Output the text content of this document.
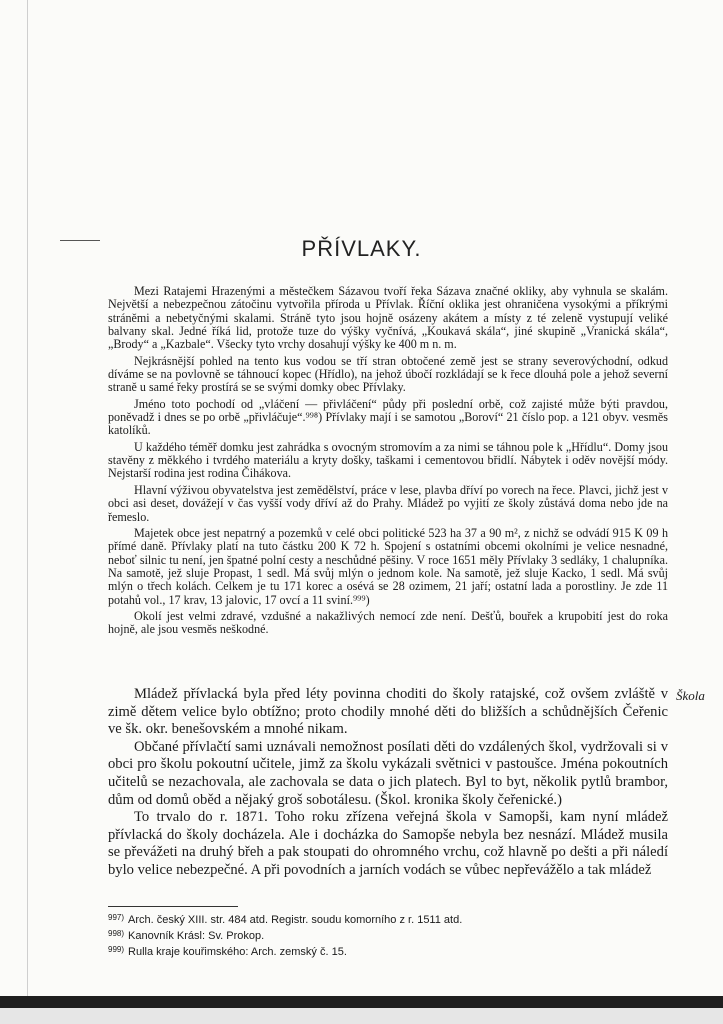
PŘÍVLAKY.

Mezi Ratajemi Hrazenými a městečkem Sázavou tvoří řeka Sázava značné okliky, aby vyhnula se skalám. Největší a nebezpečnou zátočinu vytvořila příroda u Přívlak. Říční oklika jest ohraničena vysokými a příkrými stráněmi a nebetyčnými skalami. Stráně tyto jsou hojně osázeny akátem a místy z té zeleně vystupují veliké balvany skal. Jedné říká lid, protože tuze do výšky vyčnívá, „Koukavá skála“, jiné skupině „Vranická skála“, „Brody“ a „Kazbale“. Všecky tyto vrchy dosahují výšky ke 400 m n. m.

Nejkrásnější pohled na tento kus vodou se tří stran obtočené země jest se strany severovýchodní, odkud díváme se na povlovně se táhnoucí kopec (Hřídlo), na jehož úbočí rozkládají se k řece dlouhá pole a jehož severní straně u samé řeky prostírá se se svými domky obec Přívlaky.

Jméno toto pochodí od „vláčení — přivláčení“ půdy při poslední orbě, což zajisté může býti pravdou, poněvadž i dnes se po orbě „přivláčuje“.⁹⁹⁸) Přívlaky mají i se samotou „Boroví“ 21 číslo pop. a 121 obyv. vesměs katolíků.

U každého téměř domku jest zahrádka s ovocným stromovím a za nimi se táhnou pole k „Hřídlu“. Domy jsou stavěny z měkkého i tvrdého materiálu a kryty došky, taškami i cementovou břidlí. Nábytek i oděv novější módy. Nejstarší rodina jest rodina Čihákova.

Hlavní výživou obyvatelstva jest zemědělství, práce v lese, plavba dříví po vorech na řece. Plavci, jichž jest v obci asi deset, dovážejí v čas vyšší vody dříví až do Prahy. Mládež po vyjití ze školy zůstává doma nebo jde na řemeslo.

Majetek obce jest nepatrný a pozemků v celé obci politické 523 ha 37 a 90 m², z nichž se odvádí 915 K 09 h přímé daně. Přívlaky platí na tuto částku 200 K 72 h. Spojení s ostatními obcemi okolními je velice nesnadné, neboť silnic tu není, jen špatné polní cesty a neschůdné pěšiny. V roce 1651 měly Přívlaky 3 sedláky, 1 chalupníka. Na samotě, jež sluje Propast, 1 sedl. Má svůj mlýn o jednom kole. Na samotě, jež sluje Kacko, 1 sedl. Má svůj mlýn o třech kolách. Celkem je tu 171 korec a osévá se 28 ozimem, 21 jaří; ostatní lada a porostliny. Je zde 11 potahů vol., 17 krav, 13 jalovic, 17 ovcí a 11 sviní.⁹⁹⁹)

Okolí jest velmi zdravé, vzdušné a nakažlivých nemocí zde není. Dešťů, bouřek a krupobití jest do roka hojně, ale jsou vesměs neškodné.

Škola

Mládež přívlacká byla před léty povinna choditi do školy ratajské, což ovšem zvláště v zimě dětem velice bylo obtížno; proto chodily mnohé děti do bližších a schůdnějších Čeřenic ve šk. okr. benešovském a mnohé nikam.

Občané přívlačtí sami uznávali nemožnost posílati děti do vzdálených škol, vydržovali si v obci pro školu pokoutní učitele, jimž za školu vykázali světnici v pastoušce. Jména pokoutních učitelů se nezachovala, ale zachovala se data o jich platech. Byl to byt, několik pytlů brambor, dům od domů oběd a nějaký groš sobotálesu. (Škol. kronika školy čeřenické.)

To trvalo do r. 1871. Toho roku zřízena veřejná škola v Samopši, kam nyní mládež přívlacká do školy docházela. Ale i docházka do Samopše nebyla bez nesnází. Mládež musila se převážeti na druhý břeh a pak stoupati do ohromného vrchu, což hlavně po dešti a při náledí bylo velice nebezpečné. A při povodních a jarních vodách se vůbec nepřevážělo a tak mládež

$^{997)}$ Arch. český XIII. str. 484 atd. Registr. soudu komorního z r. 1511 atd.
$^{998)}$ Kanovník Krásl: Sv. Prokop.
$^{999)}$ Rulla kraje kouřimského: Arch. zemský č. 15.
